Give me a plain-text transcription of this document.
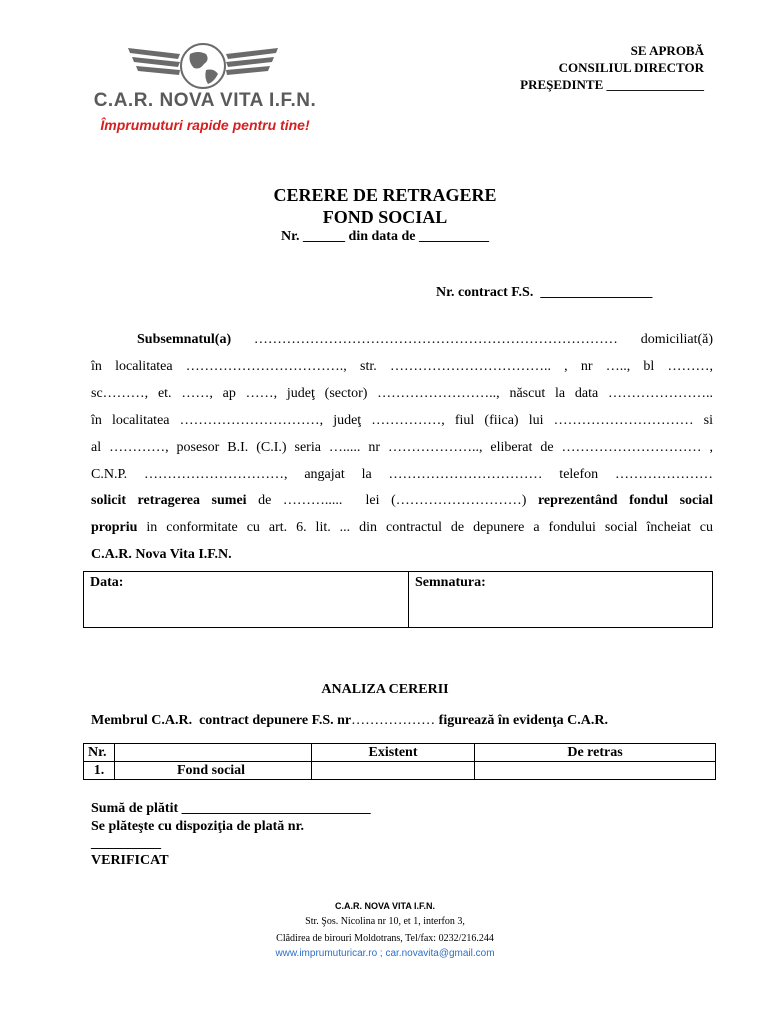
C.A.R. NOVA VITA I.F.N.
Împrumuturi rapide pentru tine!
SE APROBĂ
CONSILIUL DIRECTOR
PREŞEDINTE _______________
CERERE DE RETRAGERE
FOND SOCIAL
Nr. ______ din data de __________
Nr. contract F.S.  ________________
Subsemnatul(a) …………………………………………………………………… domiciliat(ă)
în localitatea ……………………………., str. …………………………….. , nr ….., bl ………,
sc………, et. ……, ap ……, judeţ (sector) …………………….., născut la data …………………..
în localitatea …………………………, judeţ ……………, fiul (fiica) lui ………………………… si
al …………, posesor B.I. (C.I.) seria …..... nr ……………….., eliberat de ………………………… ,
C.N.P. …………………………, angajat la …………………………… telefon …………………
solicit retragerea sumei de ……….....  lei (………………………) reprezentând fondul social
propriu in conformitate cu art. 6. lit. ... din contractul de depunere a fondului social încheiat cu
C.A.R. Nova Vita I.F.N.
Data:	Semnatura:
ANALIZA CERERII
Membrul C.A.R.  contract depunere F.S. nr……………… figurează în evidenţa C.A.R.
Nr.		Existent	De retras
1.	Fond social		
Sumă de plătit ___________________________
Se plăteşte cu dispoziţia de plată nr.
__________
VERIFICAT
C.A.R. NOVA VITA I.F.N.
Str. Şos. Nicolina nr 10, et 1, interfon 3,
Clădirea de birouri Moldotrans, Tel/fax: 0232/216.244
www.imprumuturicar.ro ; car.novavita@gmail.com
